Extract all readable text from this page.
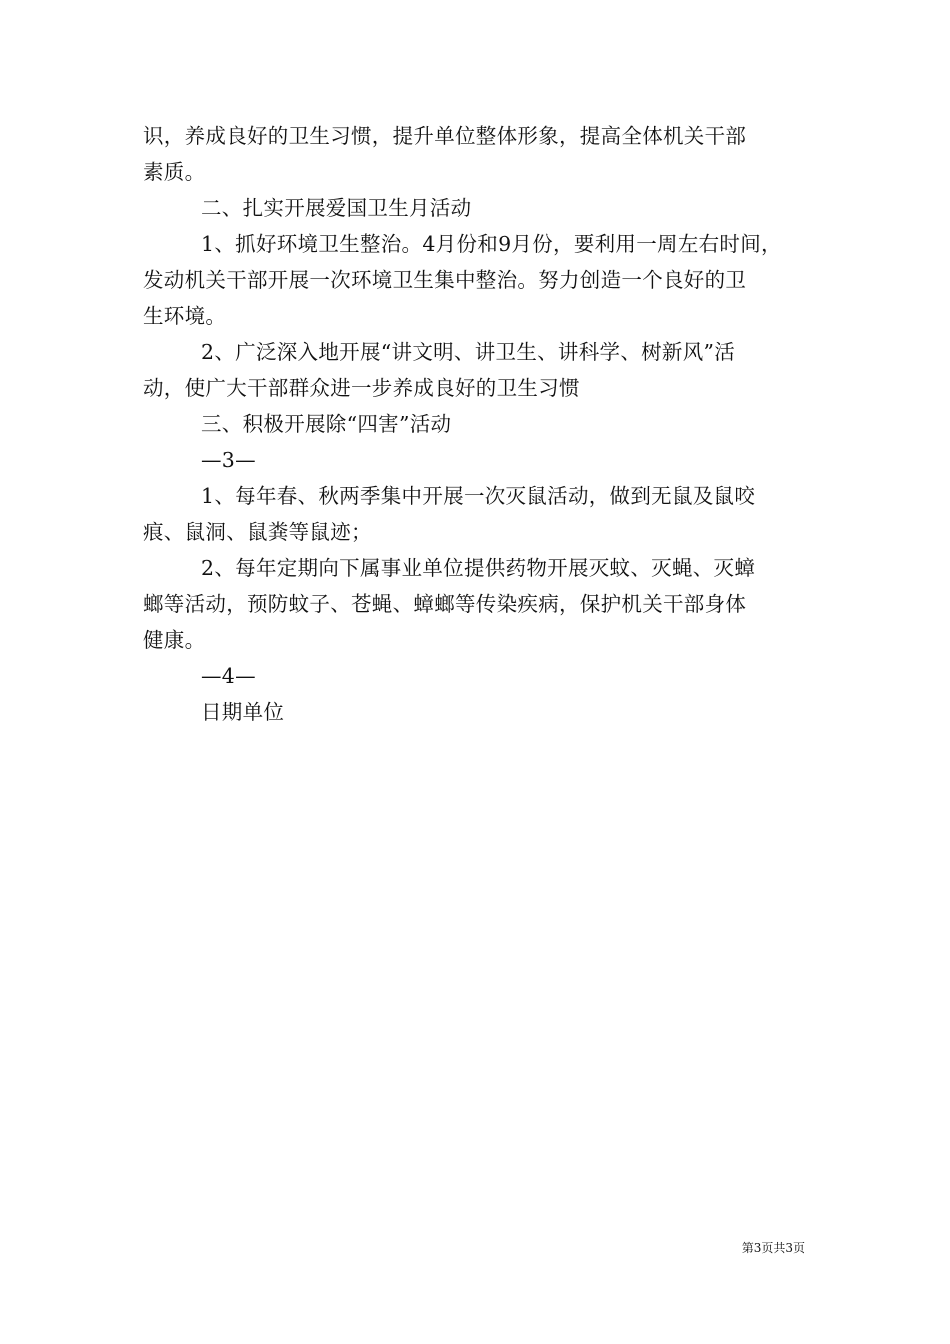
识，养成良好的卫生习惯，提升单位整体形象，提高全体机关干部
素质。
二、扎实开展爱国卫生月活动
1、抓好环境卫生整治。4月份和9月份，要利用一周左右时间，
发动机关干部开展一次环境卫生集中整治。努力创造一个良好的卫
生环境。
2、广泛深入地开展“讲文明、讲卫生、讲科学、树新风”活
动，使广大干部群众进一步养成良好的卫生习惯
三、积极开展除“四害”活动
—3—
1、每年春、秋两季集中开展一次灭鼠活动，做到无鼠及鼠咬
痕、鼠洞、鼠粪等鼠迹；
2、每年定期向下属事业单位提供药物开展灭蚊、灭蝇、灭蟑
螂等活动，预防蚊子、苍蝇、蟑螂等传染疾病，保护机关干部身体
健康。
—4—
日期单位
第3页共3页
